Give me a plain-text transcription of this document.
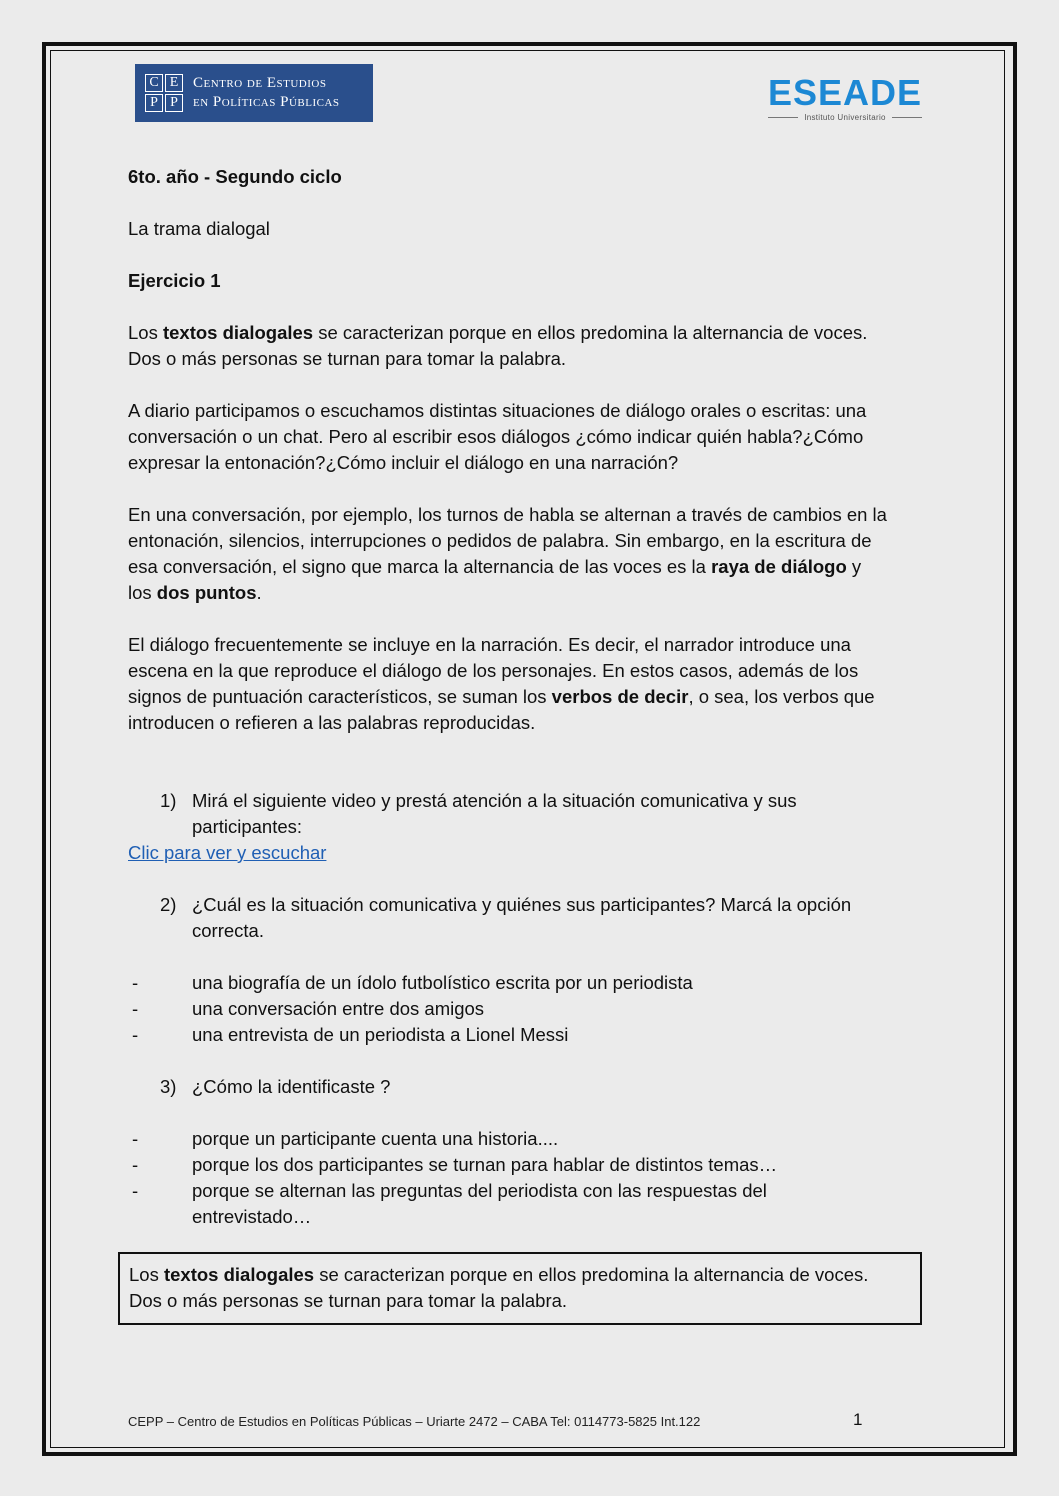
C E
P P
Centro de Estudios
en Políticas Públicas	ESEADE
Instituto Universitario

6to. año - Segundo ciclo

La trama dialogal

Ejercicio 1

Los textos dialogales se caracterizan porque en ellos predomina la alternancia de voces.

Dos o más personas se turnan para tomar la palabra.

A diario participamos o escuchamos distintas situaciones de diálogo orales o escritas: una

conversación o un chat. Pero al escribir esos diálogos ¿cómo indicar quién habla?¿Cómo

expresar la entonación?¿Cómo incluir el diálogo en una narración?

En una conversación, por ejemplo, los turnos de habla se alternan a través de cambios en la

entonación, silencios, interrupciones o pedidos de palabra. Sin embargo, en la escritura de

esa conversación, el signo que marca la alternancia de las voces es la raya de diálogo y

los dos puntos.

El diálogo frecuentemente se incluye en la narración. Es decir, el narrador introduce una

escena en la que reproduce el diálogo de los personajes. En estos casos, además de los

signos de puntuación característicos, se suman los verbos de decir, o sea, los verbos que

introducen o refieren a las palabras reproducidas.

1) Mirá el siguiente video y prestá atención a la situación comunicativa y sus

participantes:

Clic para ver y escuchar

2) ¿Cuál es la situación comunicativa y quiénes sus participantes? Marcá la opción

correcta.

-	una biografía de un ídolo futbolístico escrita por un periodista
-	una conversación entre dos amigos
-	una entrevista de un periodista a Lionel Messi
3) ¿Cómo la identificaste ?

-	porque un participante cuenta una historia....
-	porque los dos participantes se turnan para hablar de distintos temas…
-	porque se alternan las preguntas del periodista con las respuestas del

entrevistado…

Los textos dialogales se caracterizan porque en ellos predomina la alternancia de voces.

Dos o más personas se turnan para tomar la palabra.

CEPP – Centro de Estudios en Políticas Públicas – Uriarte 2472 – CABA Tel: 0114773-5825 Int.122	1
